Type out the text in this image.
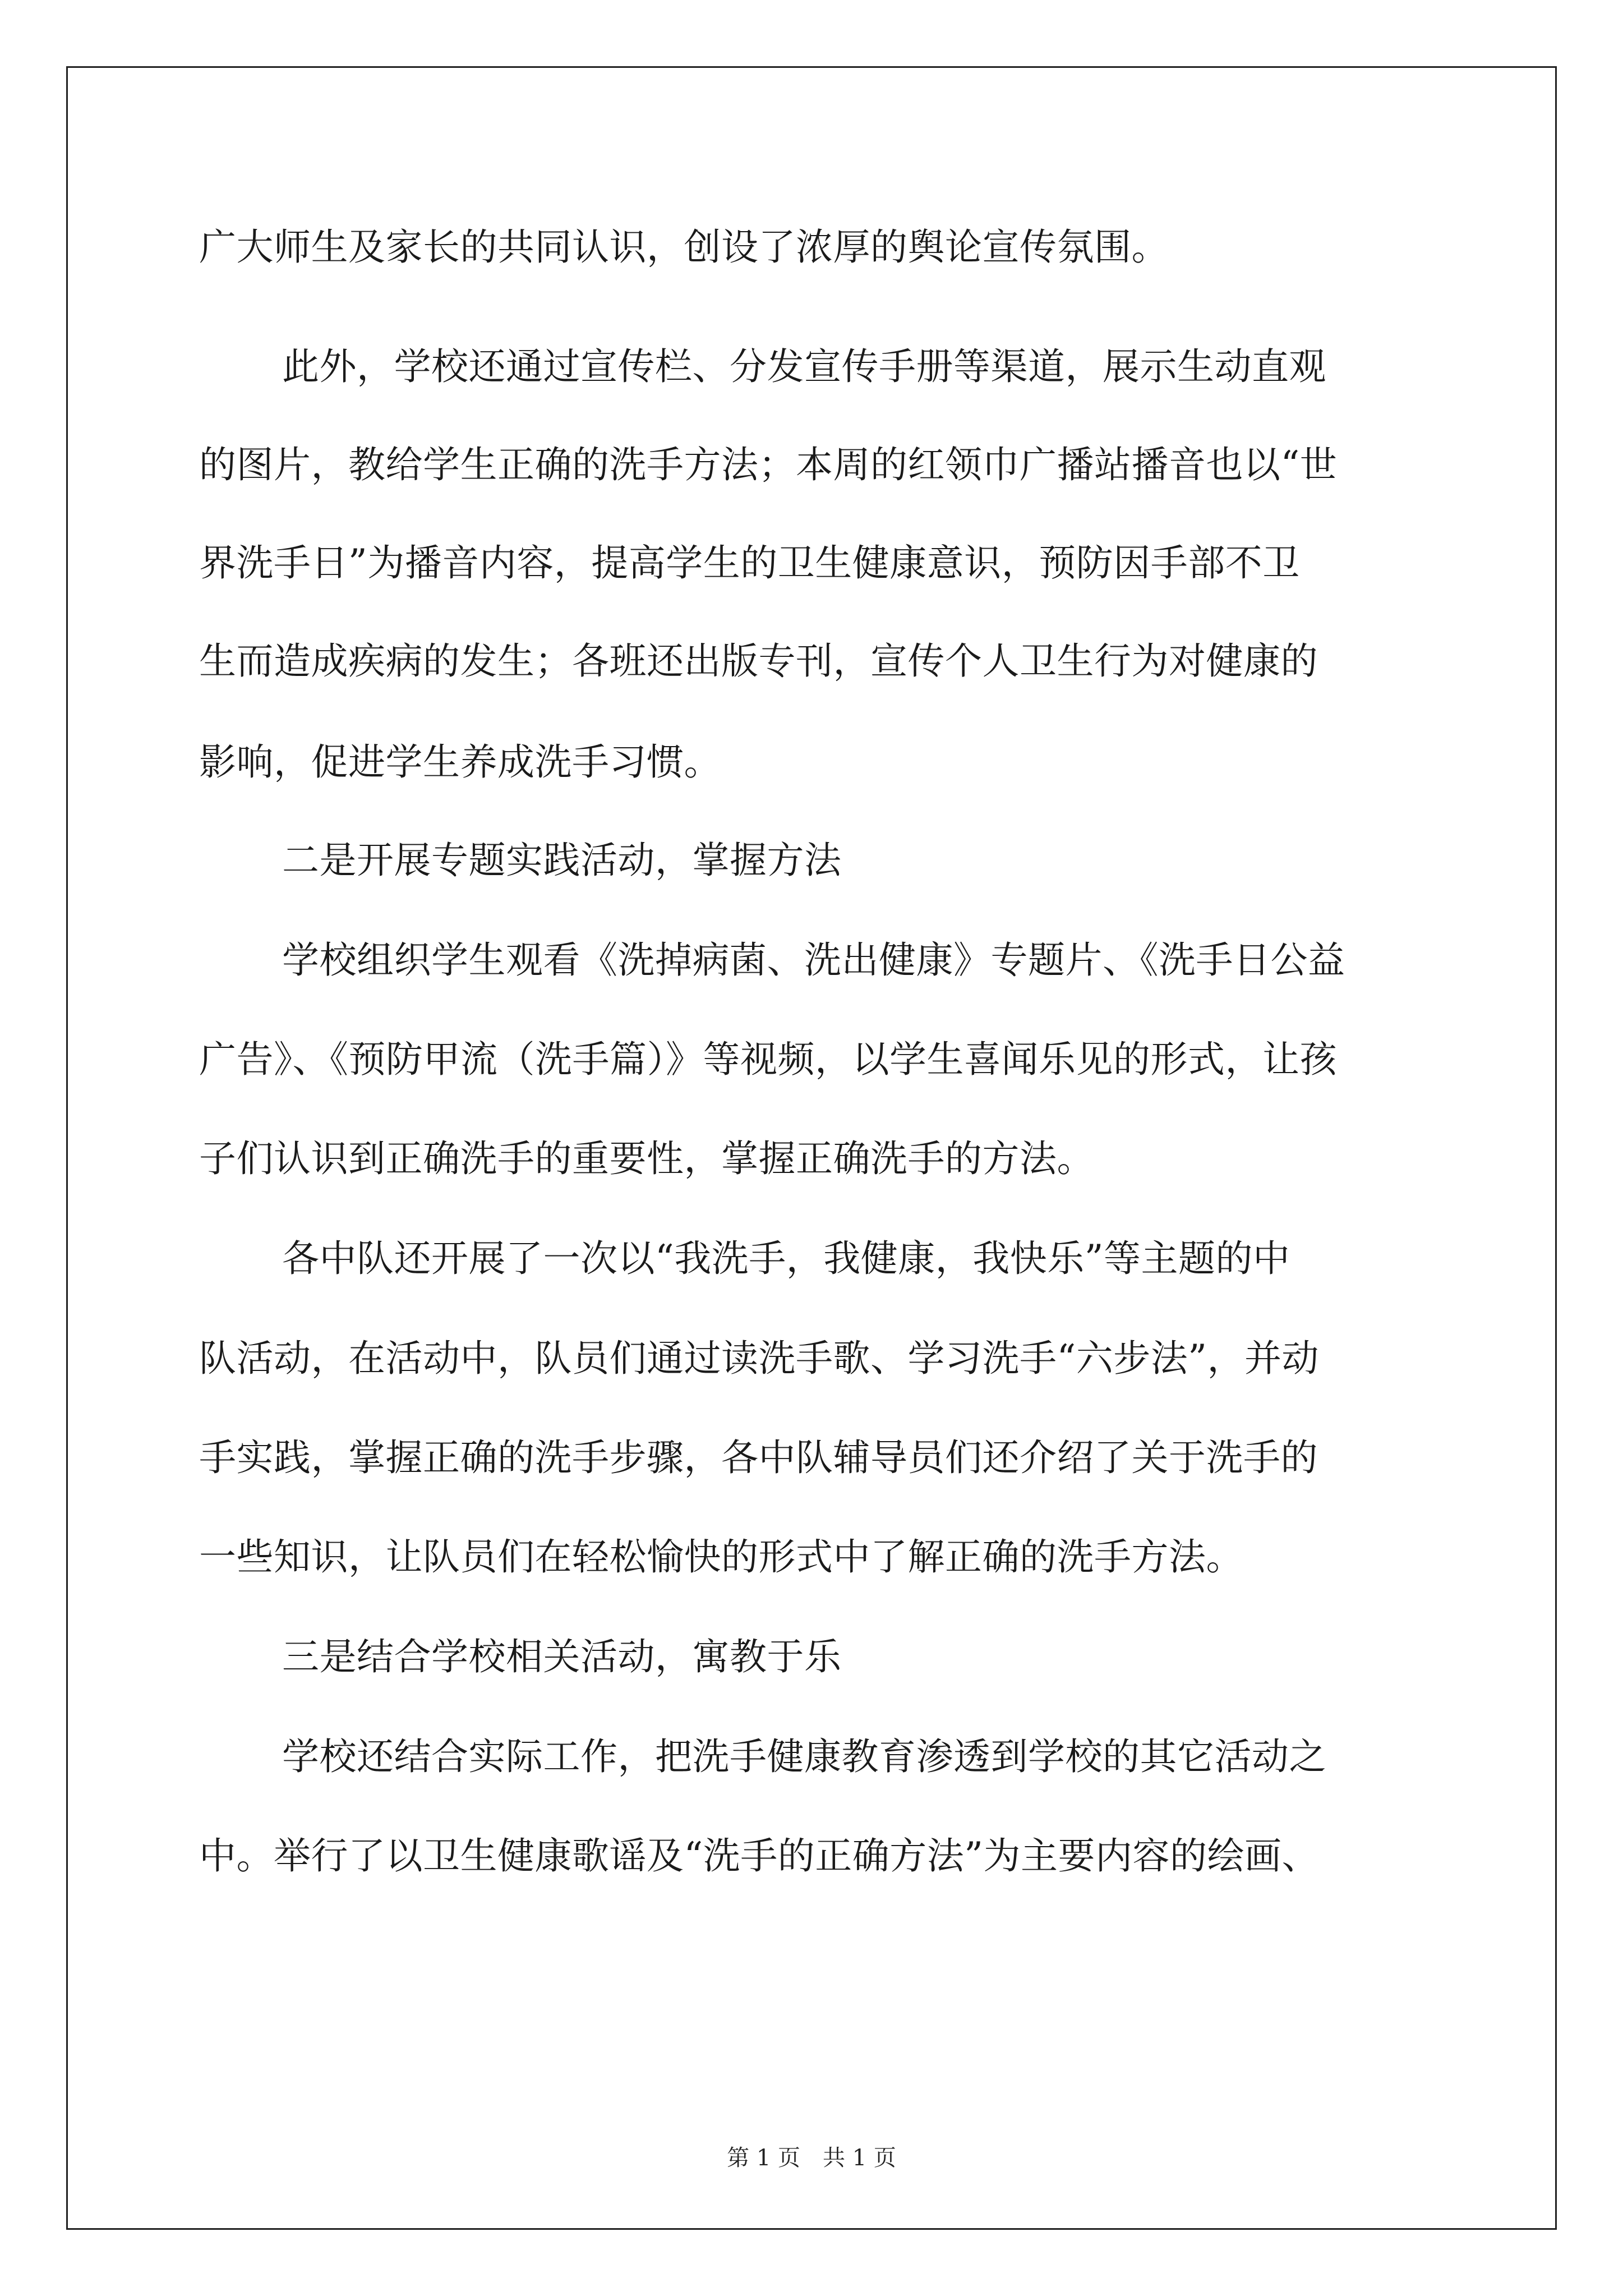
广大师生及家长的共同认识，创设了浓厚的舆论宣传氛围。
此外，学校还通过宣传栏、分发宣传手册等渠道，展示生动直观
的图片，教给学生正确的洗手方法；本周的红领巾广播站播音也以“世
界洗手日”为播音内容，提高学生的卫生健康意识，预防因手部不卫
生而造成疾病的发生；各班还出版专刊，宣传个人卫生行为对健康的
影响，促进学生养成洗手习惯。
二是开展专题实践活动，掌握方法
学校组织学生观看《洗掉病菌、洗出健康》专题片、《洗手日公益
广告》、《预防甲流（洗手篇）》等视频，以学生喜闻乐见的形式，让孩
子们认识到正确洗手的重要性，掌握正确洗手的方法。
各中队还开展了一次以“我洗手，我健康，我快乐”等主题的中
队活动，在活动中，队员们通过读洗手歌、学习洗手“六步法”，并动
手实践，掌握正确的洗手步骤，各中队辅导员们还介绍了关于洗手的
一些知识，让队员们在轻松愉快的形式中了解正确的洗手方法。
三是结合学校相关活动，寓教于乐
学校还结合实际工作，把洗手健康教育渗透到学校的其它活动之
中。举行了以卫生健康歌谣及“洗手的正确方法”为主要内容的绘画、
第 1 页　共 1 页
